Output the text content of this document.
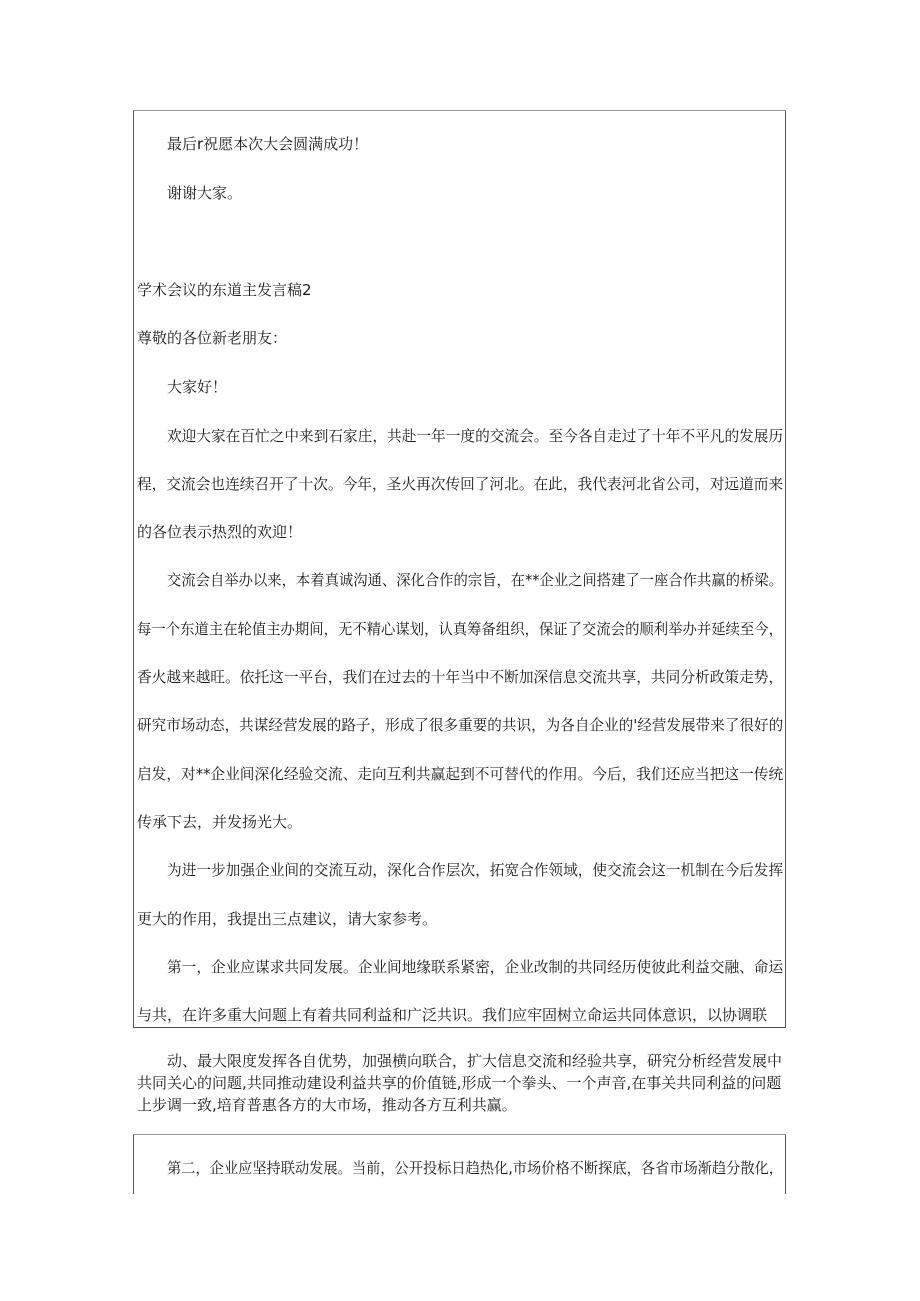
最后r祝愿本次大会圆满成功！

谢谢大家。

学术会议的东道主发言稿2

尊敬的各位新老朋友：

大家好！

欢迎大家在百忙之中来到石家庄，共赴一年一度的交流会。至今各自走过了十年不平凡的发展历

程，交流会也连续召开了十次。今年，圣火再次传回了河北。在此，我代表河北省公司，对远道而来

的各位表示热烈的欢迎！

交流会自举办以来，本着真诚沟通、深化合作的宗旨，在**企业之间搭建了一座合作共赢的桥梁。

每一个东道主在轮值主办期间，无不精心谋划，认真筹备组织，保证了交流会的顺利举办并延续至今，

香火越来越旺。依托这一平台，我们在过去的十年当中不断加深信息交流共享，共同分析政策走势，

研究市场动态，共谋经营发展的路子，形成了很多重要的共识，为各自企业的'经营发展带来了很好的

启发，对**企业间深化经验交流、走向互利共赢起到不可替代的作用。今后，我们还应当把这一传统

传承下去，并发扬光大。

为进一步加强企业间的交流互动，深化合作层次，拓宽合作领域，使交流会这一机制在今后发挥

更大的作用，我提出三点建议，请大家参考。

第一，企业应谋求共同发展。企业间地缘联系紧密，企业改制的共同经历使彼此利益交融、命运

与共，在许多重大问题上有着共同利益和广泛共识。我们应牢固树立命运共同体意识，以协调联

动、最大限度发挥各自优势，加强横向联合，扩大信息交流和经验共享，研究分析经营发展中共同关心的问题,共同推动建设利益共享的价值链,形成一个拳头、一个声音,在事关共同利益的问题上步调一致,培育普惠各方的大市场，推动各方互利共赢。

第二，企业应坚持联动发展。当前，公开投标日趋热化,市场价格不断探底，各省市场渐趋分散化，
